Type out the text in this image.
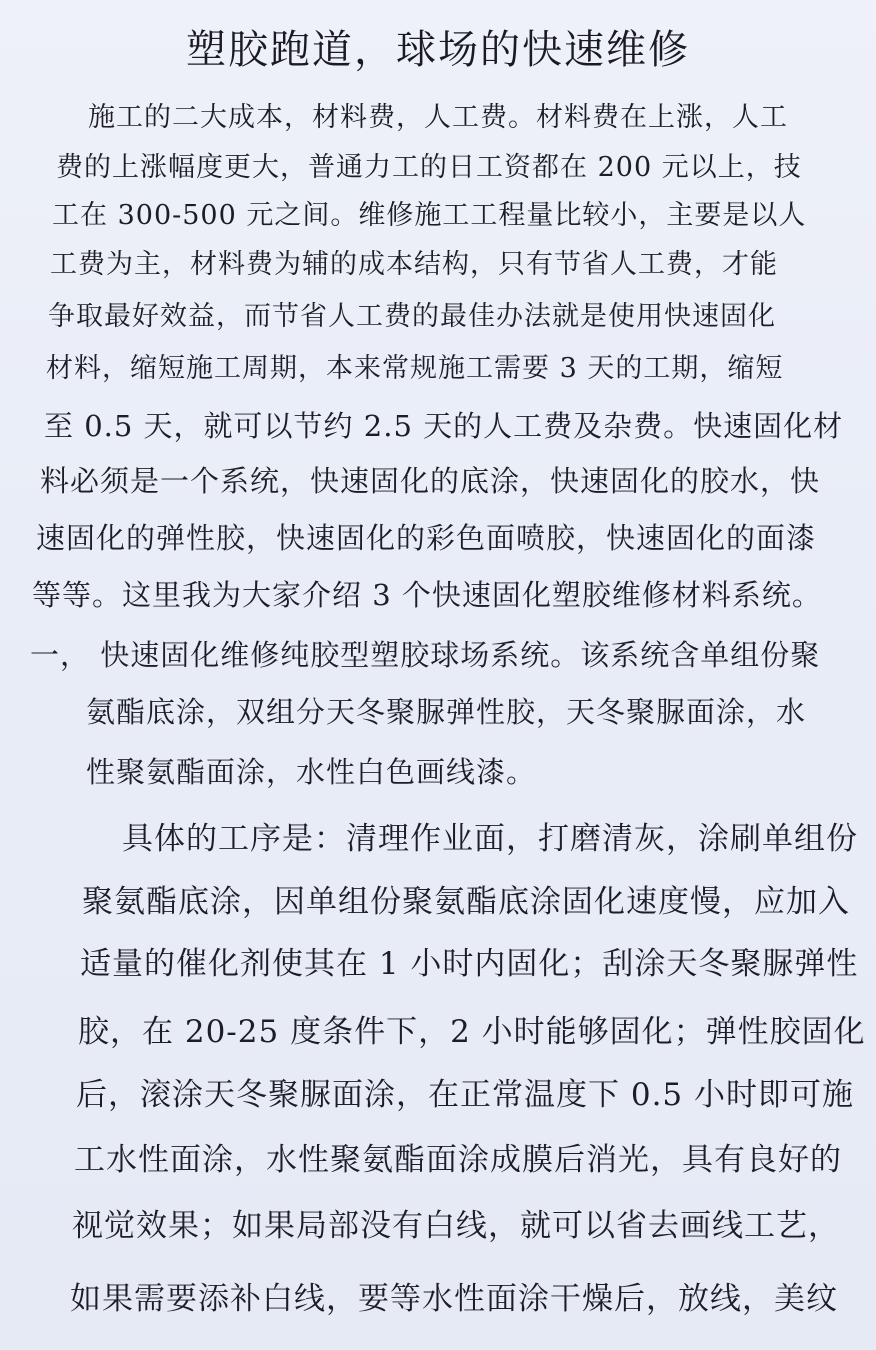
塑胶跑道，球场的快速维修
施工的二大成本，材料费，人工费。材料费在上涨，人工
费的上涨幅度更大，普通力工的日工资都在 200 元以上，技
工在 300-500 元之间。维修施工工程量比较小，主要是以人
工费为主，材料费为辅的成本结构，只有节省人工费，才能
争取最好效益，而节省人工费的最佳办法就是使用快速固化
材料，缩短施工周期，本来常规施工需要 3 天的工期，缩短
至 0.5 天，就可以节约 2.5 天的人工费及杂费。快速固化材
料必须是一个系统，快速固化的底涂，快速固化的胶水，快
速固化的弹性胶，快速固化的彩色面喷胶，快速固化的面漆
等等。这里我为大家介绍 3 个快速固化塑胶维修材料系统。
一， 快速固化维修纯胶型塑胶球场系统。该系统含单组份聚
氨酯底涂，双组分天冬聚脲弹性胶，天冬聚脲面涂，水
性聚氨酯面涂，水性白色画线漆。
具体的工序是：清理作业面，打磨清灰，涂刷单组份
聚氨酯底涂，因单组份聚氨酯底涂固化速度慢，应加入
适量的催化剂使其在 1 小时内固化；刮涂天冬聚脲弹性
胶，在 20-25 度条件下，2 小时能够固化；弹性胶固化
后，滚涂天冬聚脲面涂，在正常温度下 0.5 小时即可施
工水性面涂，水性聚氨酯面涂成膜后消光，具有良好的
视觉效果；如果局部没有白线，就可以省去画线工艺，
如果需要添补白线，要等水性面涂干燥后，放线，美纹
